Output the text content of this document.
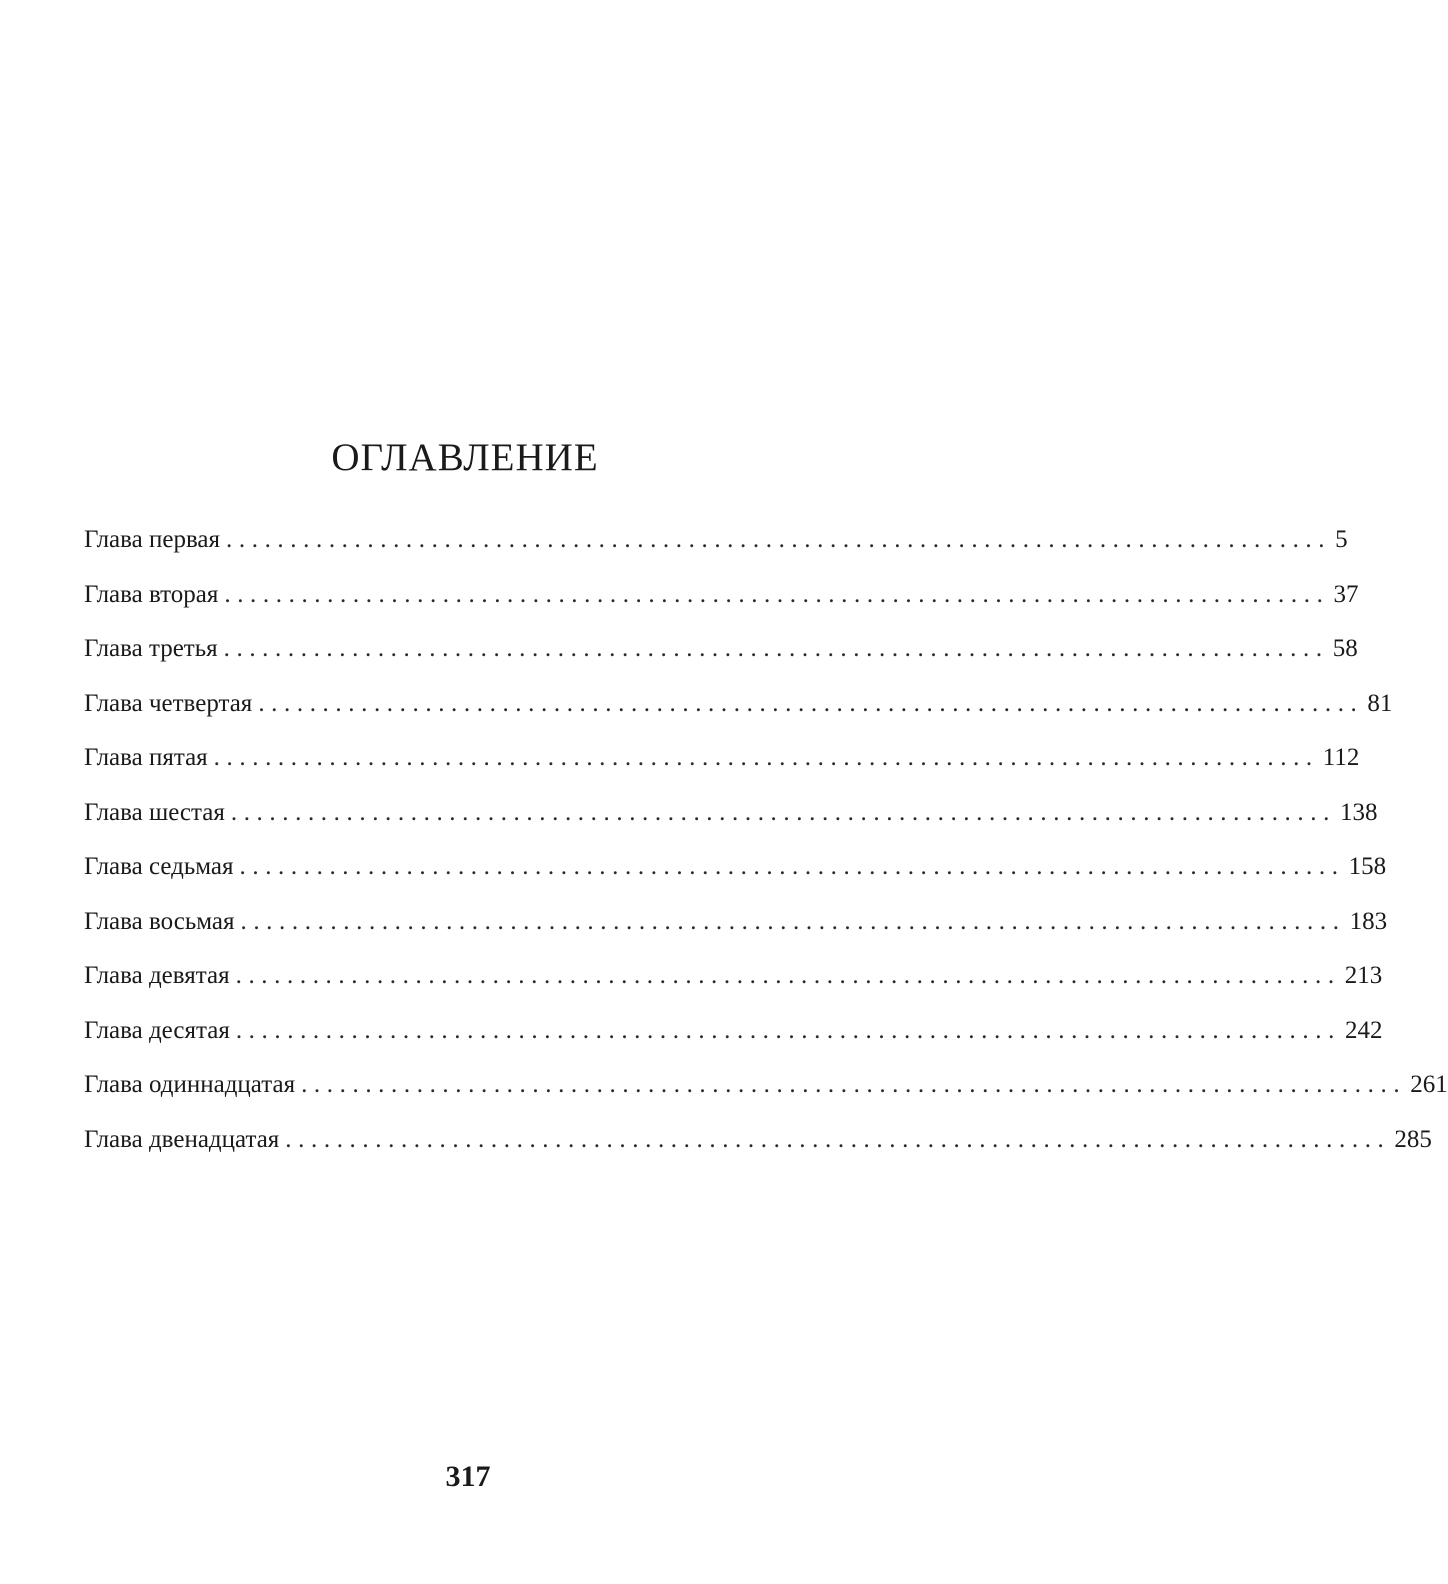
ОГЛАВЛЕНИЕ
Глава первая ...................................................................................... 5
Глава вторая ...................................................................................... 37
Глава третья ...................................................................................... 58
Глава четвертая ...................................................................................... 81
Глава пятая ...................................................................................... 112
Глава шестая ...................................................................................... 138
Глава седьмая ...................................................................................... 158
Глава восьмая ...................................................................................... 183
Глава девятая ...................................................................................... 213
Глава десятая ...................................................................................... 242
Глава одиннадцатая ...................................................................................... 261
Глава двенадцатая ...................................................................................... 285

317
